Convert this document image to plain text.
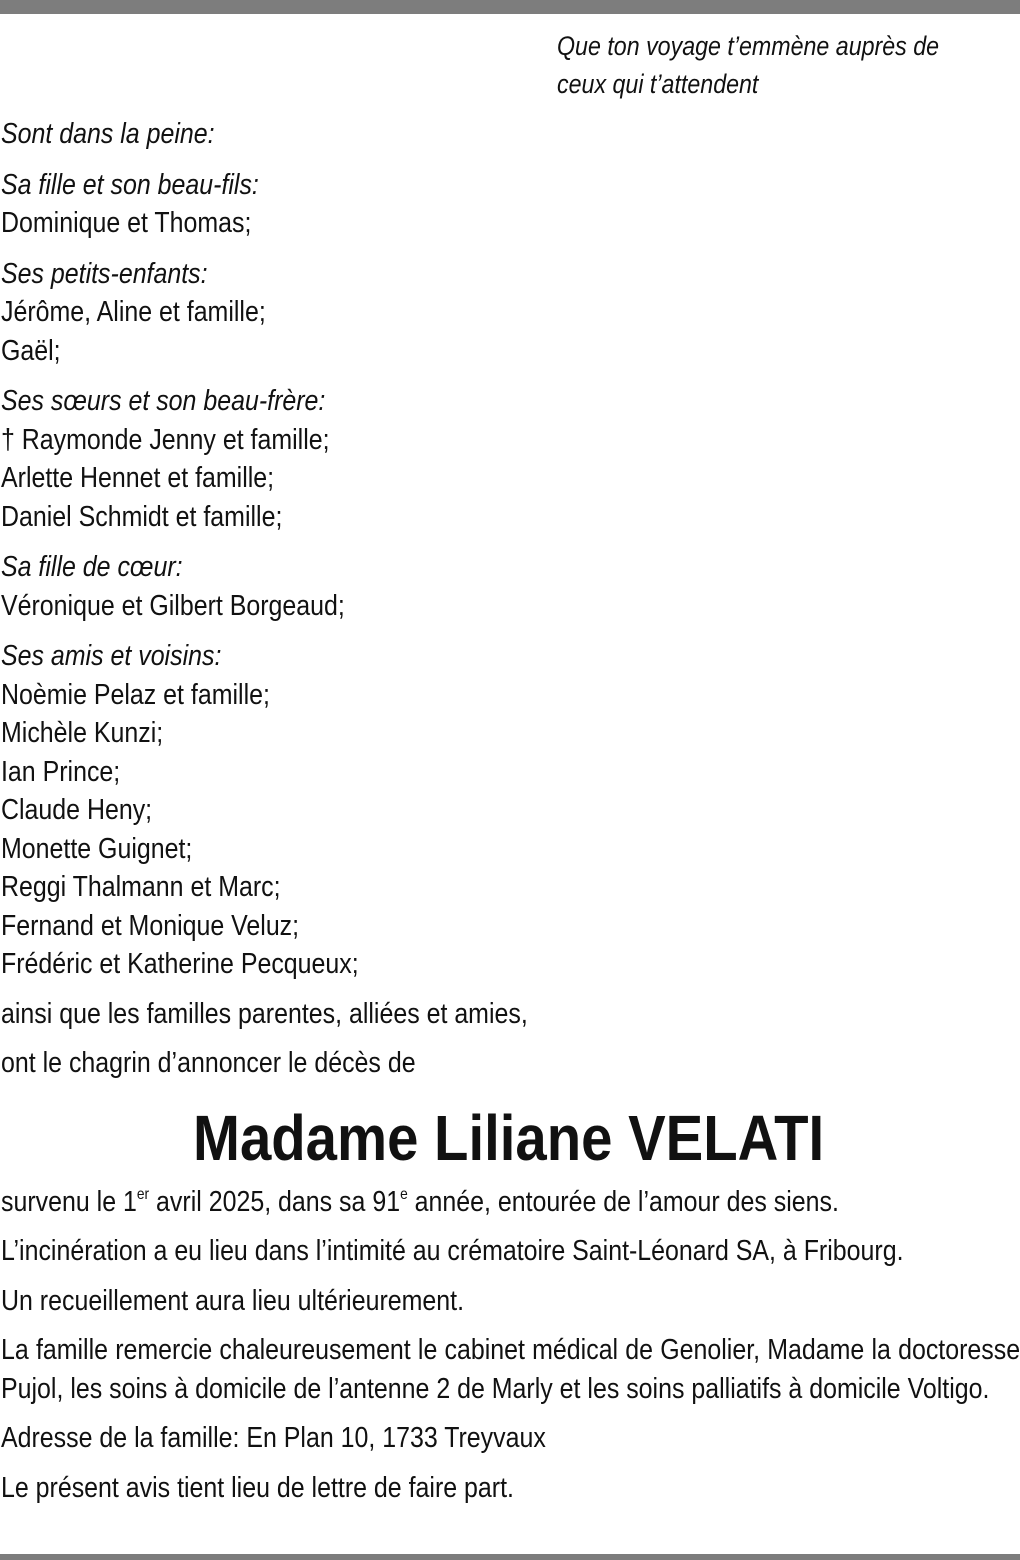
Que ton voyage t’emmène auprès de
ceux qui t’attendent
Sont dans la peine:
Sa fille et son beau-fils:
Dominique et Thomas;
Ses petits-enfants:
Jérôme, Aline et famille;
Gaël;
Ses sœurs et son beau-frère:
† Raymonde Jenny et famille;
Arlette Hennet et famille;
Daniel Schmidt et famille;
Sa fille de cœur:
Véronique et Gilbert Borgeaud;
Ses amis et voisins:
Noèmie Pelaz et famille;
Michèle Kunzi;
Ian Prince;
Claude Heny;
Monette Guignet;
Reggi Thalmann et Marc;
Fernand et Monique Veluz;
Frédéric et Katherine Pecqueux;
ainsi que les familles parentes, alliées et amies,
ont le chagrin d’annoncer le décès de
Madame Liliane VELATI
survenu le 1er avril 2025, dans sa 91e année, entourée de l’amour des siens.
L’incinération a eu lieu dans l’intimité au crématoire Saint-Léonard SA, à Fribourg.
Un recueillement aura lieu ultérieurement.
La famille remercie chaleureusement le cabinet médical de Genolier, Madame la doctoresse Pujol, les soins à domicile de l’antenne 2 de Marly et les soins palliatifs à domicile Voltigo.
Adresse de la famille: En Plan 10, 1733 Treyvaux
Le présent avis tient lieu de lettre de faire part.
